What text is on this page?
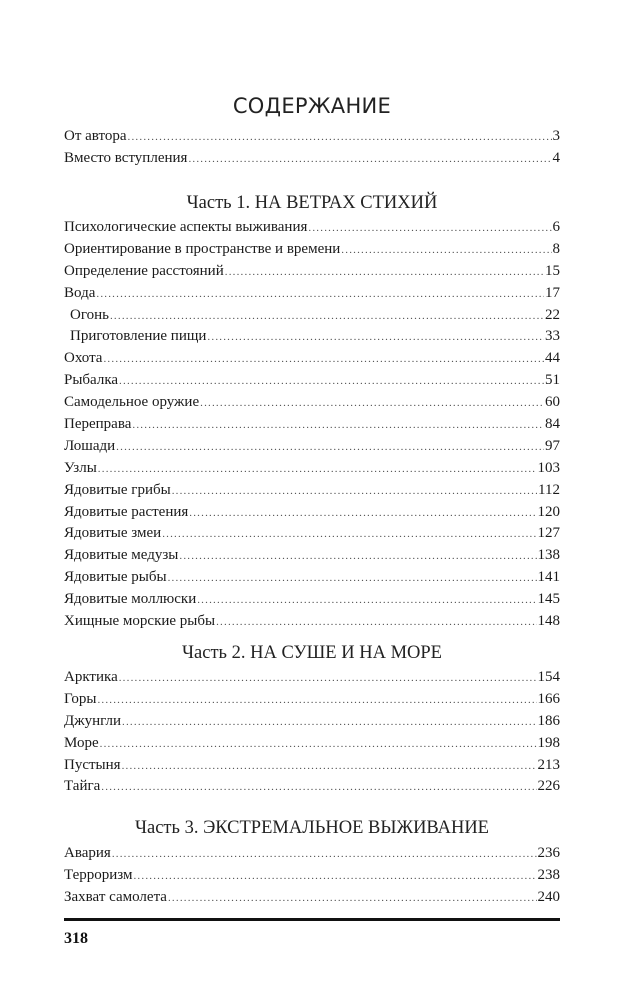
СОДЕРЖАНИЕ
От автора .....	3
Вместо вступления .....	4
Часть 1. НА ВЕТРАХ СТИХИЙ
Психологические аспекты выживания .....	6
Ориентирование в пространстве и времени .....	8
Определение расстояний .....	15
Вода .....	17
Огонь .....	22
Приготовление пищи .....	33
Охота .....	44
Рыбалка .....	51
Самодельное оружие .....	60
Переправа .....	84
Лошади .....	97
Узлы .....	103
Ядовитые грибы .....	112
Ядовитые растения .....	120
Ядовитые змеи .....	127
Ядовитые медузы .....	138
Ядовитые рыбы .....	141
Ядовитые моллюски .....	145
Хищные морские рыбы .....	148
Часть 2. НА СУШЕ И НА МОРЕ
Арктика .....	154
Горы .....	166
Джунгли .....	186
Море .....	198
Пустыня .....	213
Тайга .....	226
Часть 3. ЭКСТРЕМАЛЬНОЕ ВЫЖИВАНИЕ
Авария .....	236
Терроризм .....	238
Захват самолета .....	240
318
